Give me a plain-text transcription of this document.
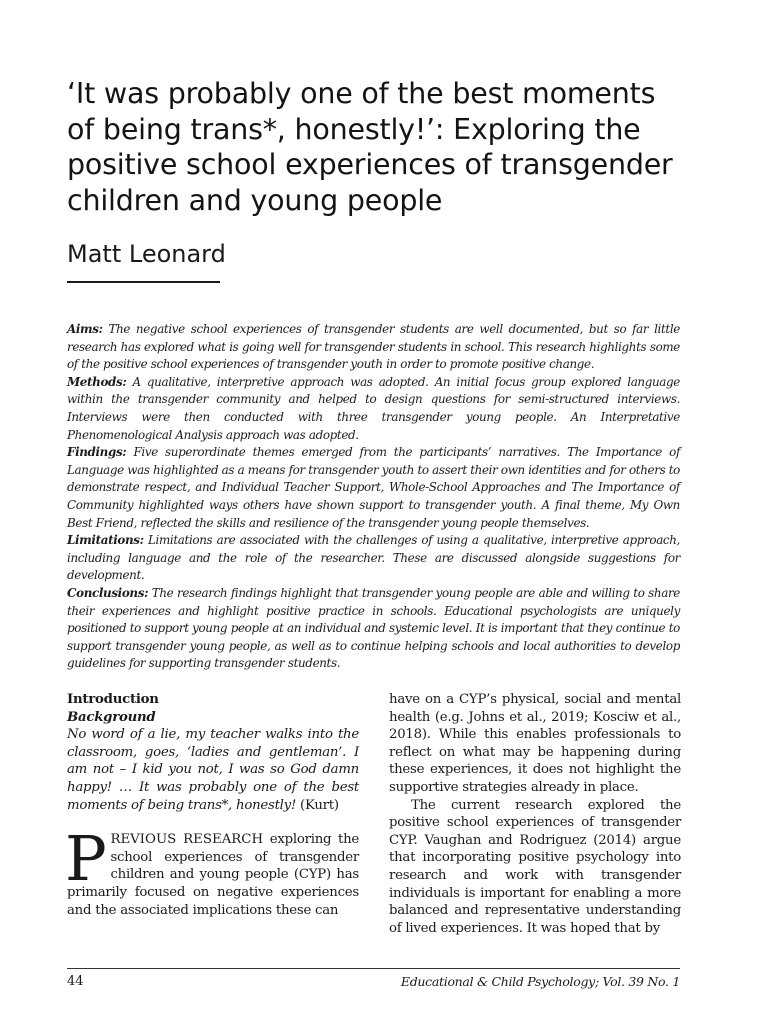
‘It was probably one of the best moments
of being trans*, honestly!’: Exploring the
positive school experiences of transgender
children and young people
Matt Leonard

Aims: The negative school experiences of transgender students are well documented, but so far little research has explored what is going well for transgender students in school. This research highlights some of the positive school experiences of transgender youth in order to promote positive change.

Methods: A qualitative, interpretive approach was adopted. An initial focus group explored language within the transgender community and helped to design questions for semi-structured interviews. Interviews were then conducted with three transgender young people. An Interpretative Phenomenological Analysis approach was adopted.

Findings: Five superordinate themes emerged from the participants’ narratives. The Importance of Language was highlighted as a means for transgender youth to assert their own identities and for others to demonstrate respect, and Individual Teacher Support, Whole-School Approaches and The Importance of Community highlighted ways others have shown support to transgender youth. A final theme, My Own Best Friend, reflected the skills and resilience of the transgender young people themselves.

Limitations: Limitations are associated with the challenges of using a qualitative, interpretive approach, including language and the role of the researcher. These are discussed alongside suggestions for development.

Conclusions: The research findings highlight that transgender young people are able and willing to share their experiences and highlight positive practice in schools. Educational psychologists are uniquely positioned to support young people at an individual and systemic level. It is important that they continue to support transgender young people, as well as to continue helping schools and local authorities to develop guidelines for supporting transgender students.

Introduction

Background

No word of a lie, my teacher walks into the classroom, goes, ‘ladies and gentleman’. I am not – I kid you not, I was so God damn happy! … It was probably one of the best moments of being trans*, honestly! (Kurt)

PREVIOUS RESEARCH exploring the school experiences of transgender children and young people (CYP) has primarily focused on negative experiences and the associated implications these can

have on a CYP’s physical, social and mental health (e.g. Johns et al., 2019; Kosciw et al., 2018). While this enables professionals to reflect on what may be happening during these experiences, it does not highlight the supportive strategies already in place.

The current research explored the positive school experiences of transgender CYP. Vaughan and Rodriguez (2014) argue that incorporating positive psychology into research and work with transgender individuals is important for enabling a more balanced and representative understanding of lived experiences. It was hoped that by

44	Educational & Child Psychology; Vol. 39 No. 1
